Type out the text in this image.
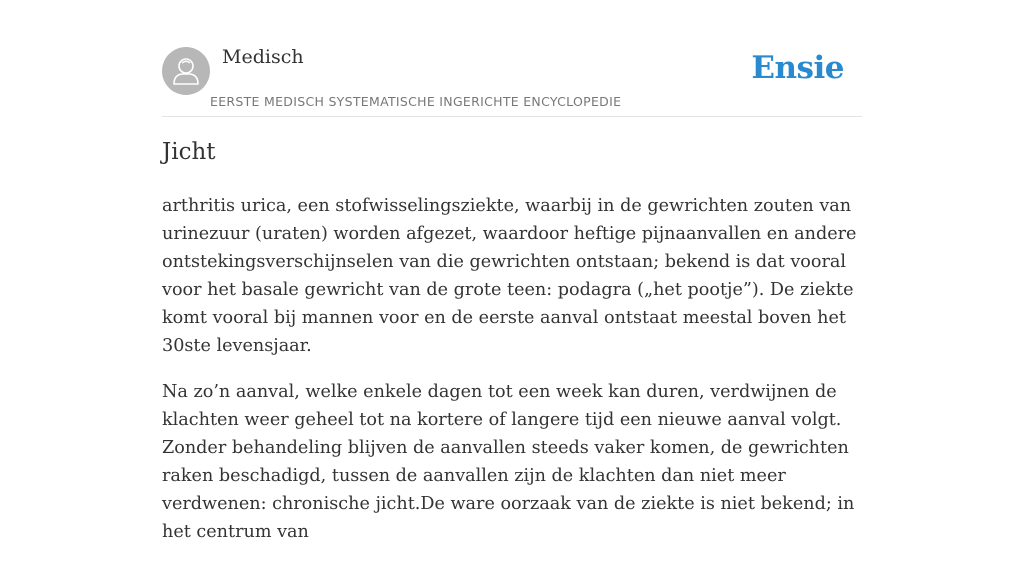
Medisch
EERSTE MEDISCH SYSTEMATISCHE INGERICHTE ENCYCLOPEDIE
Ensie
Jicht

arthritis urica, een stofwisselingsziekte, waarbij in de gewrichten zouten van urinezuur (uraten) worden afgezet, waardoor heftige pijnaanvallen en andere ontstekingsverschijnselen van die gewrichten ontstaan; bekend is dat vooral voor het basale gewricht van de grote teen: podagra („het pootje”). De ziekte komt vooral bij mannen voor en de eerste aanval ontstaat meestal boven het 30ste levensjaar.

Na zo’n aanval, welke enkele dagen tot een week kan duren, verdwijnen de klachten weer geheel tot na kortere of langere tijd een nieuwe aanval volgt. Zonder behandeling blijven de aanvallen steeds vaker komen, de gewrichten raken beschadigd, tussen de aanvallen zijn de klachten dan niet meer verdwenen: chronische jicht.De ware oorzaak van de ziekte is niet bekend; in het centrum van
